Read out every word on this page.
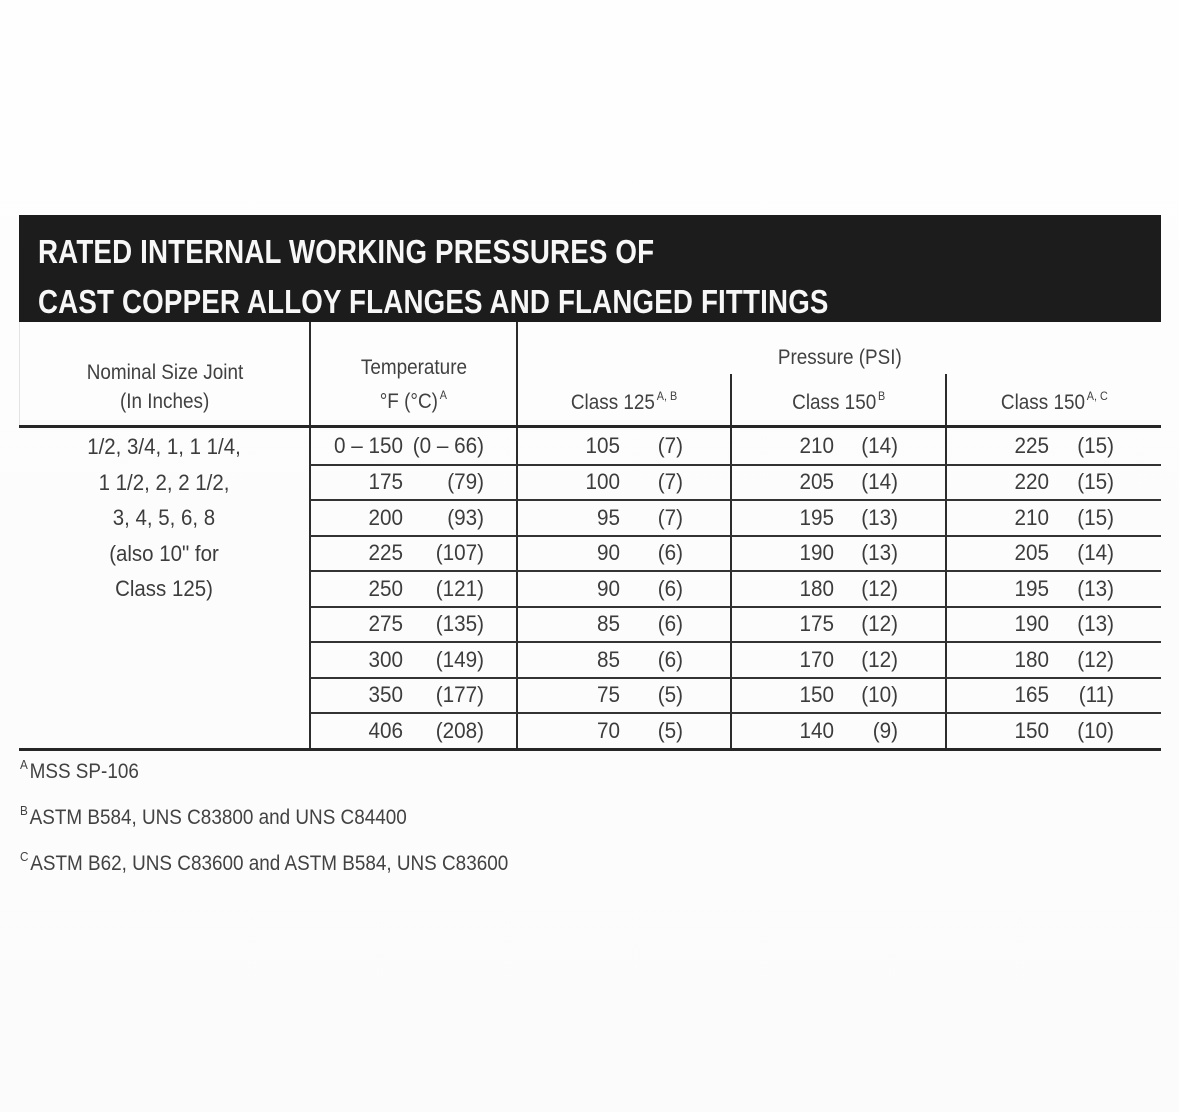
RATED INTERNAL WORKING PRESSURES OF
CAST COPPER ALLOY FLANGES AND FLANGED FITTINGS
Nominal Size Joint
(In Inches)
Temperature
°F (°C) $^A$
Pressure (PSI)
Class 125 $^{A, B}$	Class 150 $^B$	Class 150 $^{A, C}$
1/2, 3/4, 1, 1 1/4,
1 1/2, 2, 2 1/2,
3, 4, 5, 6, 8
(also 10" for
Class 125)
0 – 150 (0 – 66)	105	(7)	210	(14)	225	(15)
175	(79)	100	(7)	205	(14)	220	(15)
200	(93)	95	(7)	195	(13)	210	(15)
225	(107)	90	(6)	190	(13)	205	(14)
250	(121)	90	(6)	180	(12)	195	(13)
275	(135)	85	(6)	175	(12)	190	(13)
300	(149)	85	(6)	170	(12)	180	(12)
350	(177)	75	(5)	150	(10)	165	(11)
406	(208)	70	(5)	140	(9)	150	(10)
$^A$MSS SP-106
$^B$ASTM B584, UNS C83800 and UNS C84400
$^C$ASTM B62, UNS C83600 and ASTM B584, UNS C83600
